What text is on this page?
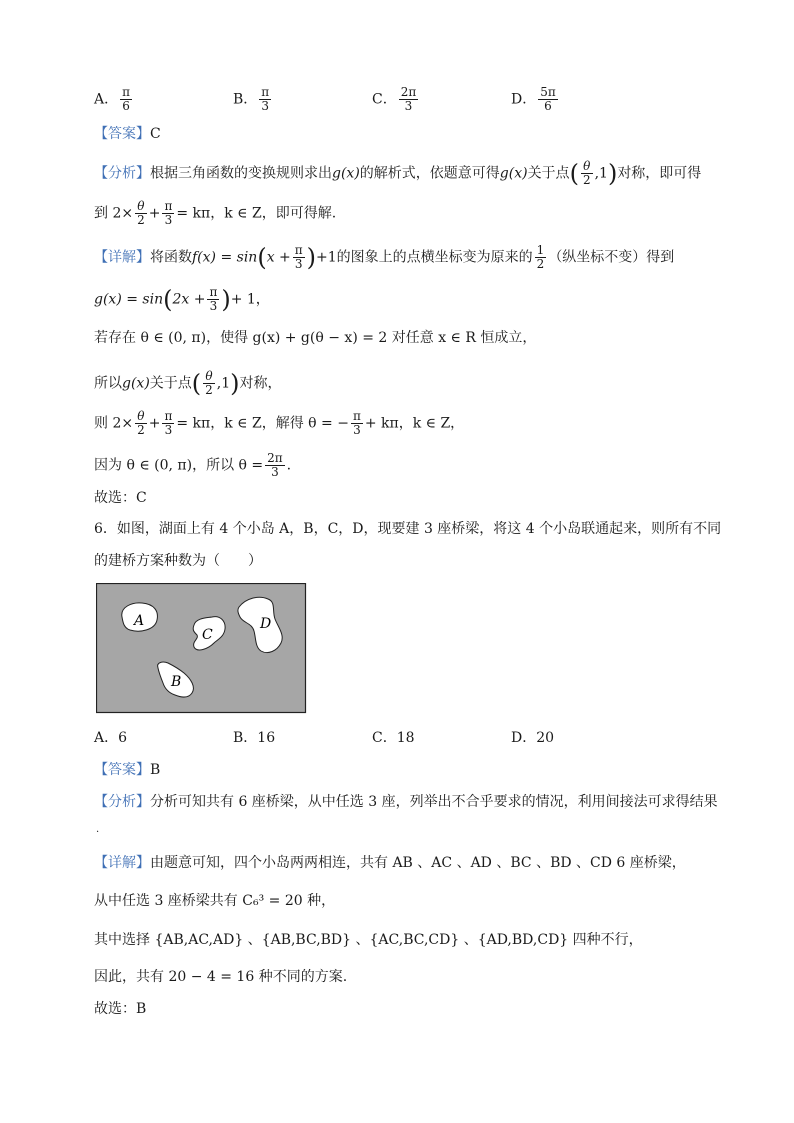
A． $\frac{\pi}{6}$	B． $\frac{\pi}{3}$	C． $\frac{2\pi}{3}$	D． $\frac{5\pi}{6}$
【答案】C
【分析】根据三角函数的变换规则求出g(x)的解析式，依题意可得g(x)关于点( $\frac{\theta}{2} ,1$)对称，即可得
到 $2\times \frac{\theta}{2} + \frac{\pi}{3} = k\pi$，k ∈ Z，即可得解.
【详解】将函数$f(x) = \sin(x + \frac{\pi}{3} )+1$的图象上的点横坐标变为原来的 $\frac{1}{2}$ （纵坐标不变）得到
$g(x) = \sin(2x + \frac{\pi}{3}$ )+ 1，
若存在 θ ∈ (0, π)，使得 g(x) + g(θ − x) = 2 对任意 x ∈ R 恒成立，
所以g(x)关于点( $\frac{\theta}{2} ,1$)对称，
则 $2\times \frac{\theta}{2} + \frac{\pi}{3} = k\pi$，k ∈ Z，解得 θ = − $\frac{\pi}{3} + k\pi$，k ∈ Z，
因为 θ ∈ (0, π)，所以 $\theta = \frac{2\pi}{3}$ .
故选：C
6．如图，湖面上有 4 个小岛 A，B，C，D，现要建 3 座桥梁，将这 4 个小岛联通起来，则所有不同
的建桥方案种数为（　　）
A
C
D
B
A．6	B．16	C．18	D．20
【答案】B
【分析】分析可知共有 6 座桥梁，从中任选 3 座，列举出不合乎要求的情况，利用间接法可求得结果
.
【详解】由题意可知，四个小岛两两相连，共有 AB 、AC 、AD 、BC 、BD 、CD 6 座桥梁，
从中任选 3 座桥梁共有 C₆³ = 20 种，
其中选择 {AB,AC,AD} 、{AB,BC,BD} 、{AC,BC,CD} 、{AD,BD,CD} 四种不行，
因此，共有 20 − 4 = 16 种不同的方案.
故选：B
